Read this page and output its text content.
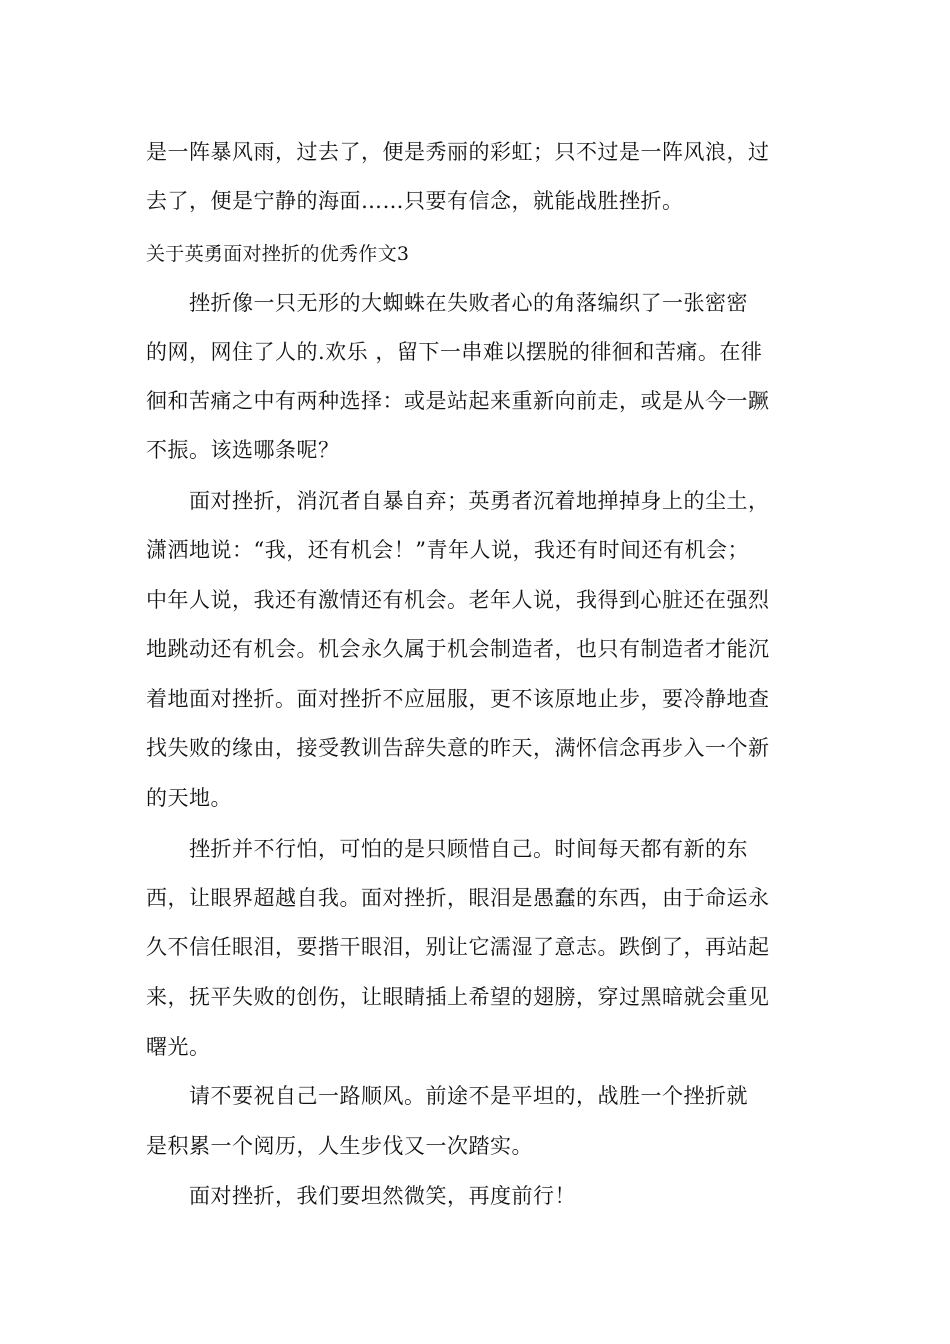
是一阵暴风雨，过去了，便是秀丽的彩虹；只不过是一阵风浪，过
去了，便是宁静的海面……只要有信念，就能战胜挫折。
关于英勇面对挫折的优秀作文3
　　挫折像一只无形的大蜘蛛在失败者心的角落编织了一张密密
的网，网住了人的.欢乐 ，留下一串难以摆脱的徘徊和苦痛。在徘
徊和苦痛之中有两种选择：或是站起来重新向前走，或是从今一蹶
不振。该选哪条呢？
　　面对挫折，消沉者自暴自弃；英勇者沉着地掸掉身上的尘土，
潇洒地说：“我，还有机会！”青年人说，我还有时间还有机会；
中年人说，我还有激情还有机会。老年人说，我得到心脏还在强烈
地跳动还有机会。机会永久属于机会制造者，也只有制造者才能沉
着地面对挫折。面对挫折不应屈服，更不该原地止步，要冷静地查
找失败的缘由，接受教训告辞失意的昨天，满怀信念再步入一个新
的天地。
　　挫折并不行怕，可怕的是只顾惜自己。时间每天都有新的东
西，让眼界超越自我。面对挫折，眼泪是愚蠢的东西，由于命运永
久不信任眼泪，要揩干眼泪，别让它濡湿了意志。跌倒了，再站起
来，抚平失败的创伤，让眼睛插上希望的翅膀，穿过黑暗就会重见
曙光。
　　请不要祝自己一路顺风。前途不是平坦的，战胜一个挫折就
是积累一个阅历，人生步伐又一次踏实。
　　面对挫折，我们要坦然微笑，再度前行！
